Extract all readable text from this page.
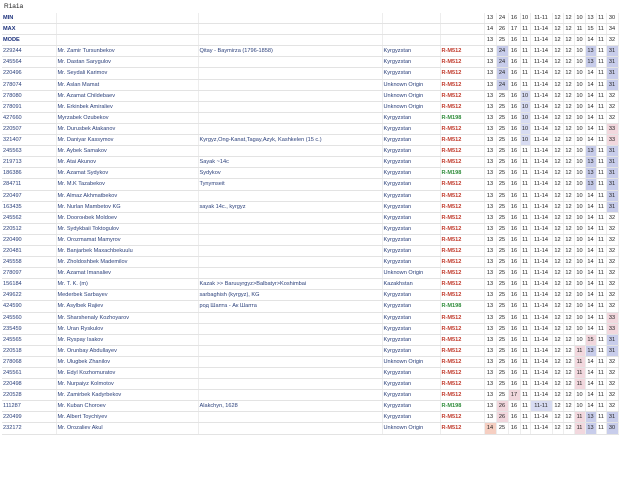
R1a1a
MIN					13	24	16	10	11-11	12	12	10	13	11	30
MAX					14	26	17	11	11-14	12	12	11	15	11	34
MODE					13	25	16	11	11-14	12	12	10	14	11	32
229244	Mr. Zamir Tursunbekov	Qitay - Baymirza (1796-1858)	Kyrgyzstan	R-M512	13	24	16	11	11-14	12	12	10	13	11	31
245564	Mr. Dastan Sarygulov		Kyrgyzstan	R-M512	13	24	16	11	11-14	12	12	10	13	11	31
220496	Mr. Seydali Karimov		Kyrgyzstan	R-M512	13	24	16	11	11-14	12	12	10	14	11	31
278074	Mr. Aslan Mamat		Unknown Origin	R-M512	13	24	16	11	11-14	12	12	10	14	11	31
278080	Mr. Azamat Childebaev		Unknown Origin	R-M512	13	25	16	10	11-14	12	12	10	14	11	32
278091	Mr. Erkinbek Amiraliev		Unknown Origin	R-M512	13	25	16	10	11-14	12	12	10	14	11	32
427660	Myrzabek Ozubekov		Kyrgyzstan	R-M198	13	25	16	10	11-14	12	12	10	14	11	32
220507	Mr. Durusbek Atakanov		Kyrgyzstan	R-M512	13	25	16	10	11-14	12	12	10	14	11	33
321407	Mr. Daniyar Kassymov	Kyrgyz,Ong-Kanat,Tagay,Azyk, Kashkelen (15 c.)	Kyrgyzstan	R-M512	13	25	16	10	11-14	12	12	10	14	11	33
245563	Mr. Aybek Samakov		Kyrgyzstan	R-M512	13	25	16	11	11-14	12	12	10	13	11	31
219713	Mr. Atai Akunov	Sayak ~14c	Kyrgyzstan	R-M512	13	25	16	11	11-14	12	12	10	13	11	31
186386	Mr. Azamat Sydykov	Sydykov	Kyrgyzstan	R-M198	13	25	16	11	11-14	12	12	10	13	11	31
284711	Mr. M.K Tazabekov	Tynymseit	Kyrgyzstan	R-M512	13	25	16	11	11-14	12	12	10	13	11	31
220497	Mr. Almaz Akhmatbekov		Kyrgyzstan	R-M512	13	25	16	11	11-14	12	12	10	14	11	31
163435	Mr. Nurlan Mambetov KG	sayak 14c., kyrgyz	Kyrgyzstan	R-M512	13	25	16	11	11-14	12	12	10	14	11	31
245562	Mr. Doorонbek Moldoev		Kyrgyzstan	R-M512	13	25	16	11	11-14	12	12	10	14	11	32
220512	Mr. Sydykbaii Toktogulov		Kyrgyzstan	R-M512	13	25	16	11	11-14	12	12	10	14	11	32
220490	Mr. Orozmamat Mamyrov		Kyrgyzstan	R-M512	13	25	16	11	11-14	12	12	10	14	11	32
220481	Mr. Banjarbek Maxachbekuulu		Kyrgyzstan	R-M512	13	25	16	11	11-14	12	12	10	14	11	32
245558	Mr. Zholdoshbek Mademilov		Kyrgyzstan	R-M512	13	25	16	11	11-14	12	12	10	14	11	32
278097	Mr. Azamat Imanaliev		Unknown Origin	R-M512	13	25	16	11	11-14	12	12	10	14	11	32
156184	Mr. T. K. (m)	Kazak >> Baruuyrgyz>Balbatyr>Koshimbai	Kazakhstan	R-M512	13	25	16	11	11-14	12	12	10	14	11	32
249622	Mederbek Sarbayev	sarbaghish (kyrgyz), KG	Kyrgyzstan	R-M512	13	25	16	11	11-14	12	12	10	14	11	32
424590	Mr. Asylbek Rajiev	род Шапта - Ак Шапта	Kyrgyzstan	R-M198	13	25	16	11	11-14	12	12	10	14	11	32
245560	Mr. Sharshenaly Kozhoyarov		Kyrgyzstan	R-M512	13	25	16	11	11-14	12	12	10	14	11	33
235459	Mr. Uran Ryskulov		Kyrgyzstan	R-M512	13	25	16	11	11-14	12	12	10	14	11	33
245565	Mr. Ryspay Isakov		Kyrgyzstan	R-M512	13	25	16	11	11-14	12	12	10	15	11	31
220518	Mr. Orunbay Abdullayev		Kyrgyzstan	R-M512	13	25	16	11	11-14	12	12	11	13	11	31
278068	Mr. Ulugbek Zhanilov		Unknown Origin	R-M512	13	25	16	11	11-14	12	12	11	14	11	32
245561	Mr. Edyl Kozhomuratov		Kyrgyzstan	R-M512	13	25	16	11	11-14	12	12	11	14	11	32
220498	Mr. Nurpaiyz Kolmotov		Kyrgyzstan	R-M512	13	25	16	11	11-14	12	12	11	14	11	32
220528	Mr. Zamirbek Kadyrbekov		Kyrgyzstan	R-M512	13	25	17	11	11-14	12	12	10	14	11	32
111287	Mr. Kuban Chorоev	Alakchyn, 1628	Kyrgyzstan	R-M198	13	26	16	11	11-11	12	12	10	14	11	32
220499	Mr. Albert Toychiyev		Kyrgyzstan	R-M512	13	26	16	11	11-14	12	12	11	13	11	31
232172	Mr. Orozaliev Akul		Unknown Origin	R-M512	14	25	16	11	11-14	12	12	11	13	11	30
